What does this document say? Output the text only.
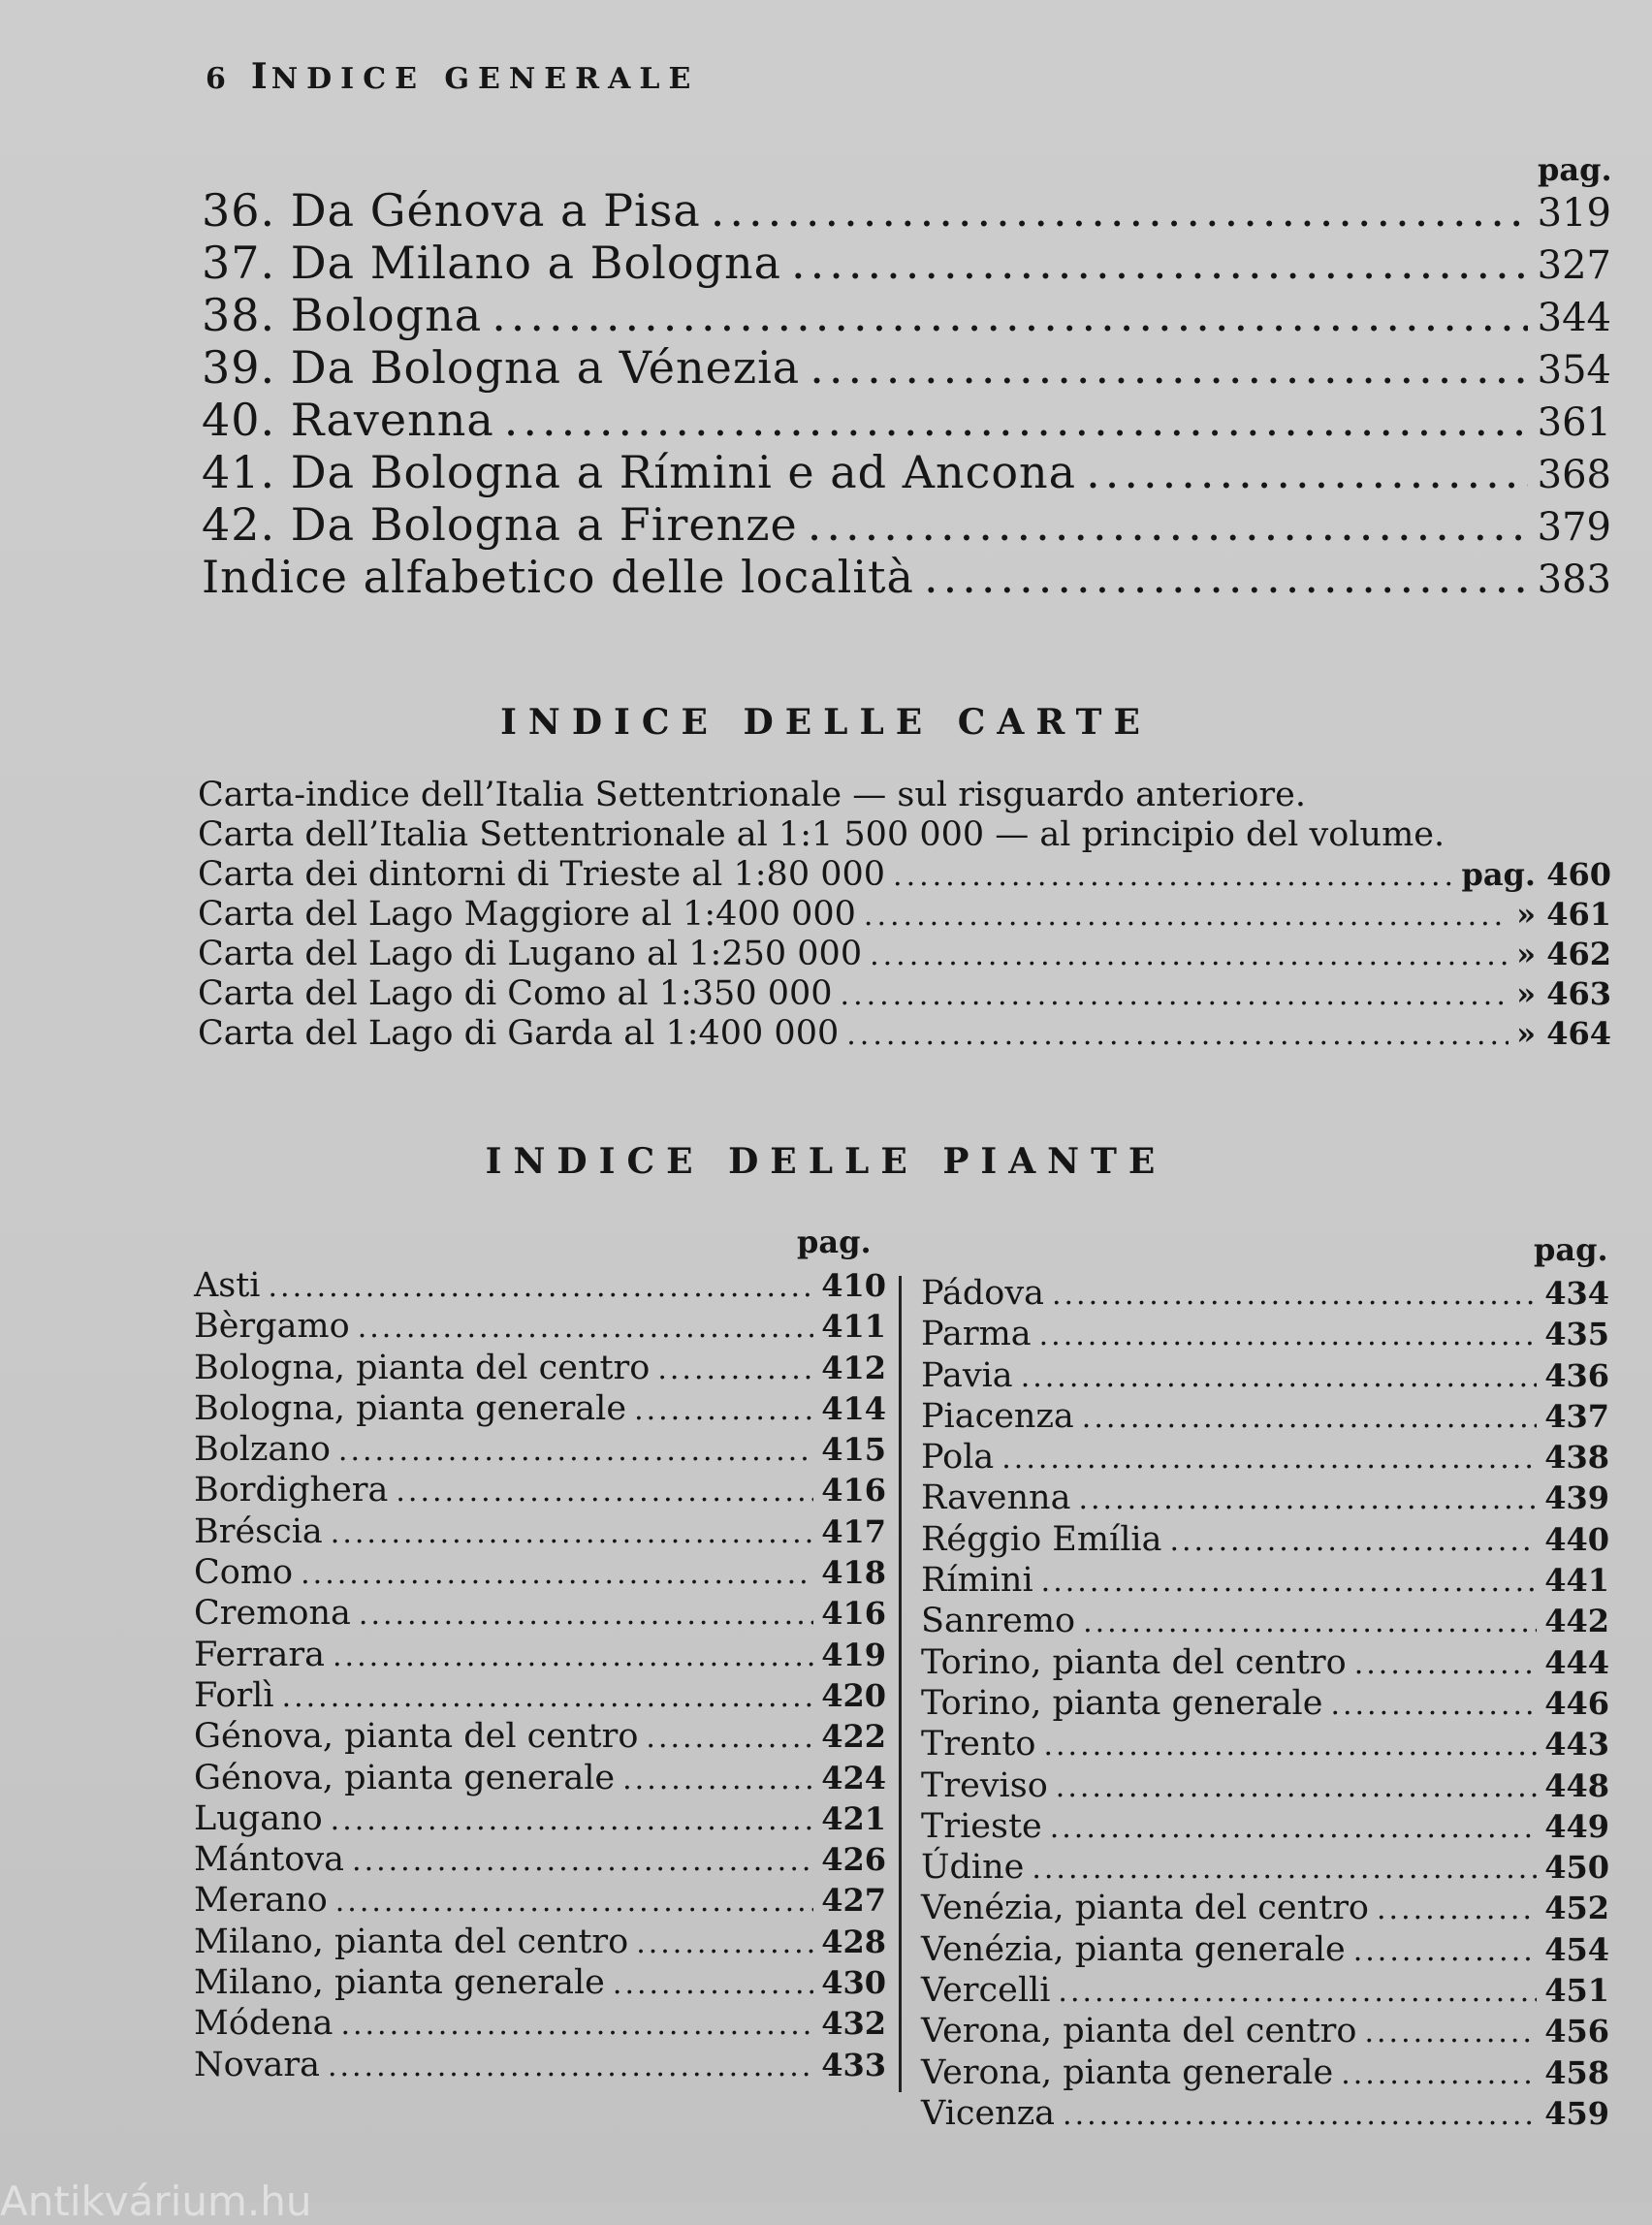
6 INDICE GENERALE
pag.
36. Da Génova a Pisa .....	319
37. Da Milano a Bologna .....	327
38. Bologna .....	344
39. Da Bologna a Vénezia .....	354
40. Ravenna .....	361
41. Da Bologna a Rímini e ad Ancona .....	368
42. Da Bologna a Firenze .....	379
Indice alfabetico delle località .....	383
INDICE DELLE CARTE
Carta-indice dell’Italia Settentrionale — sul risguardo anteriore.
Carta dell’Italia Settentrionale al 1:1 500 000 — al principio del volume.
Carta dei dintorni di Trieste al 1:80 000 .....	pag. 460
Carta del Lago Maggiore al 1:400 000 .....	» 461
Carta del Lago di Lugano al 1:250 000 .....	» 462
Carta del Lago di Como al 1:350 000 .....	» 463
Carta del Lago di Garda al 1:400 000 .....	» 464
INDICE DELLE PIANTE
pag.	pag.
Asti .....	410
Bèrgamo .....	411
Bologna, pianta del centro .....	412
Bologna, pianta generale .....	414
Bolzano .....	415
Bordighera .....	416
Bréscia .....	417
Como .....	418
Cremona .....	416
Ferrara .....	419
Forlì .....	420
Génova, pianta del centro .....	422
Génova, pianta generale .....	424
Lugano .....	421
Mántova .....	426
Merano .....	427
Milano, pianta del centro .....	428
Milano, pianta generale .....	430
Módena .....	432
Novara .....	433
Pádova .....	434
Parma .....	435
Pavia .....	436
Piacenza .....	437
Pola .....	438
Ravenna .....	439
Réggio Emília .....	440
Rímini .....	441
Sanremo .....	442
Torino, pianta del centro .....	444
Torino, pianta generale .....	446
Trento .....	443
Treviso .....	448
Trieste .....	449
Údine .....	450
Venézia, pianta del centro .....	452
Venézia, pianta generale .....	454
Vercelli .....	451
Verona, pianta del centro .....	456
Verona, pianta generale .....	458
Vicenza .....	459
Antikvárium.hu
